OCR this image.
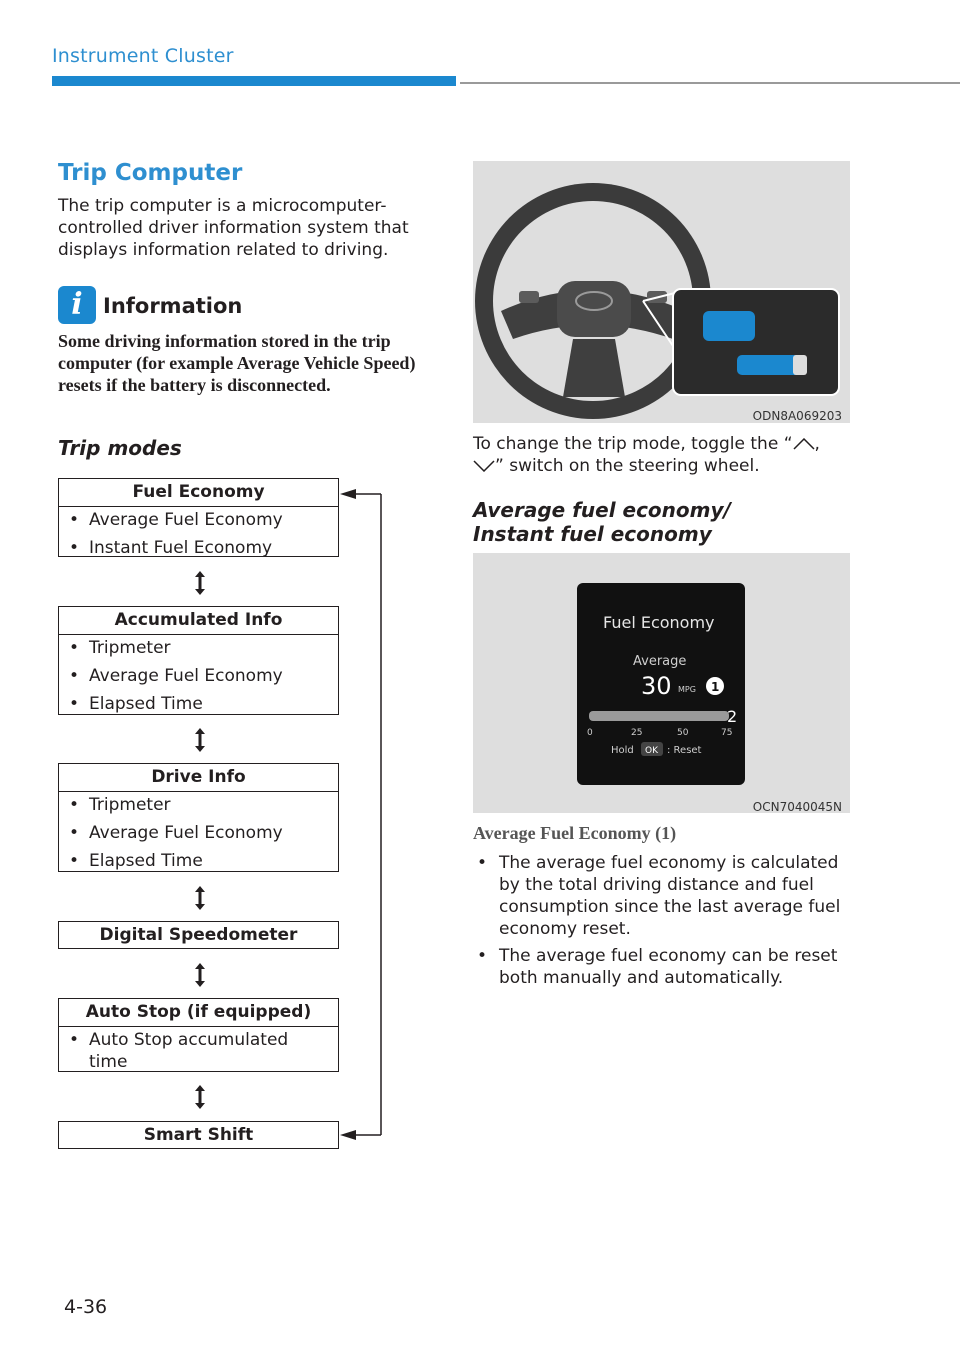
Instrument Cluster
Trip Computer
The trip computer is a microcomputer-controlled driver information system that displays information related to driving.
i Information
Some driving information stored in the trip computer (for example Average Vehicle Speed) resets if the battery is disconnected.
Trip modes
Fuel Economy
• Average Fuel Economy
• Instant Fuel Economy
Accumulated Info
• Tripmeter
• Average Fuel Economy
• Elapsed Time
Drive Info
• Tripmeter
• Average Fuel Economy
• Elapsed Time
Digital Speedometer
Auto Stop (if equipped)
• Auto Stop accumulated time
Smart Shift
ODN8A069203
To change the trip mode, toggle the “ ,
” switch on the steering wheel.
Average fuel economy/
Instant fuel economy
Fuel Economy
Average
30 MPG 1
2
0	25	50	75
Hold OK : Reset
OCN7040045N
Average Fuel Economy (1)
• The average fuel economy is calculated by the total driving distance and fuel consumption since the last average fuel economy reset.
• The average fuel economy can be reset both manually and automatically.
4-36
